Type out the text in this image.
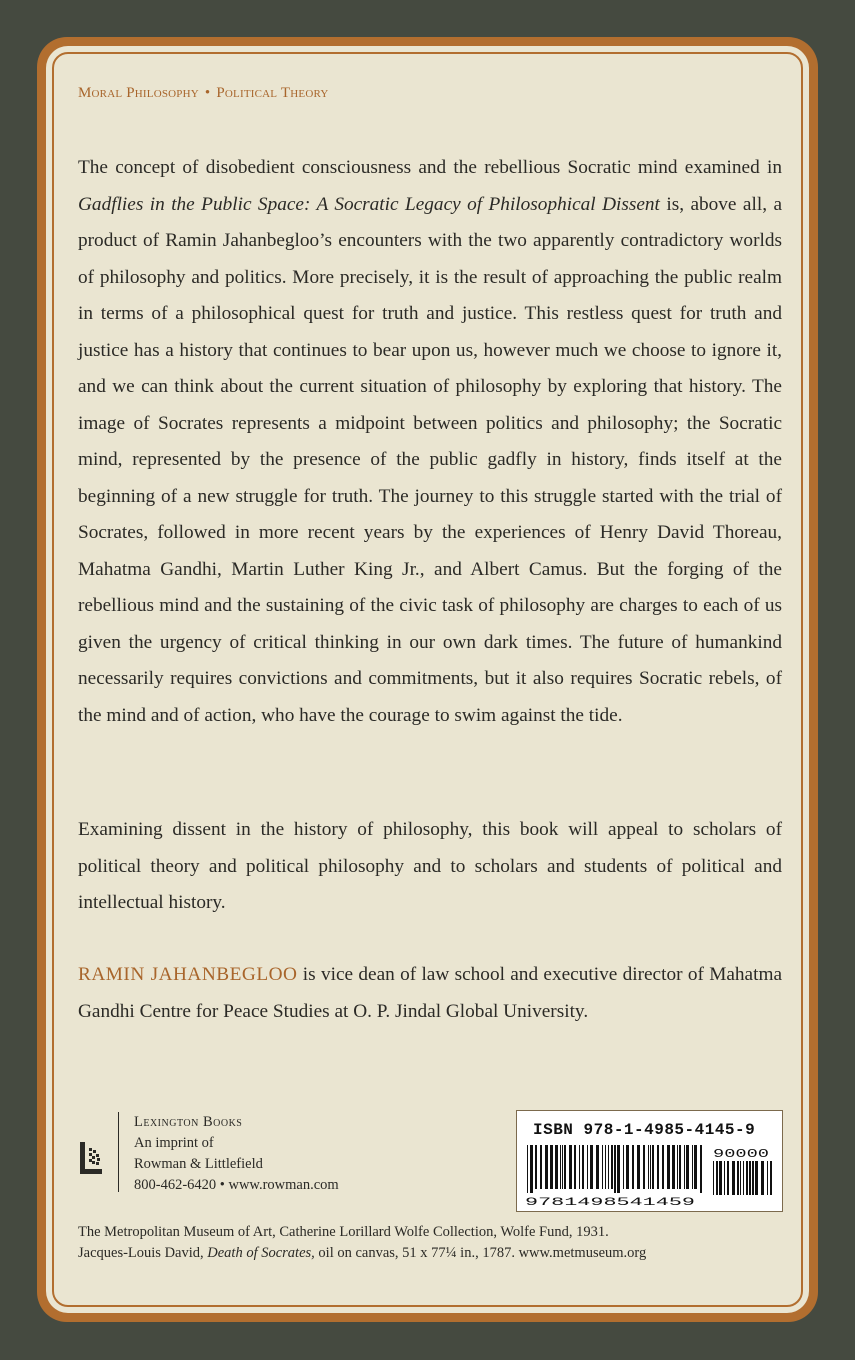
Moral Philosophy • Political Theory

The concept of disobedient consciousness and the rebellious Socratic mind examined in Gadflies in the Public Space: A Socratic Legacy of Philosophical Dissent is, above all, a product of Ramin Jahanbegloo’s encounters with the two apparently contradictory worlds of philosophy and politics. More precisely, it is the result of approaching the public realm in terms of a philosophical quest for truth and justice. This restless quest for truth and justice has a history that continues to bear upon us, however much we choose to ignore it, and we can think about the current situation of philosophy by exploring that history. The image of Socrates represents a midpoint between politics and philosophy; the Socratic mind, represented by the presence of the public gadfly in history, finds itself at the beginning of a new struggle for truth. The journey to this struggle started with the trial of Socrates, followed in more recent years by the experiences of Henry David Thoreau, Mahatma Gandhi, Martin Luther King Jr., and Albert Camus. But the forging of the rebellious mind and the sustaining of the civic task of philosophy are charges to each of us given the urgency of critical thinking in our own dark times. The future of humankind necessarily requires convictions and commitments, but it also requires Socratic rebels, of the mind and of action, who have the courage to swim against the tide.

Examining dissent in the history of philosophy, this book will appeal to scholars of political theory and political philosophy and to scholars and students of political and intellectual history.

RAMIN JAHANBEGLOO is vice dean of law school and executive director of Mahatma Gandhi Centre for Peace Studies at O. P. Jindal Global University.

Lexington Books
An imprint of
Rowman & Littlefield
800-462-6420 • www.rowman.com
ISBN 978-1-4985-4145-9
9781498541459
90000
The Metropolitan Museum of Art, Catherine Lorillard Wolfe Collection, Wolfe Fund, 1931.
Jacques-Louis David, Death of Socrates, oil on canvas, 51 x 77¼ in., 1787. www.metmuseum.org
